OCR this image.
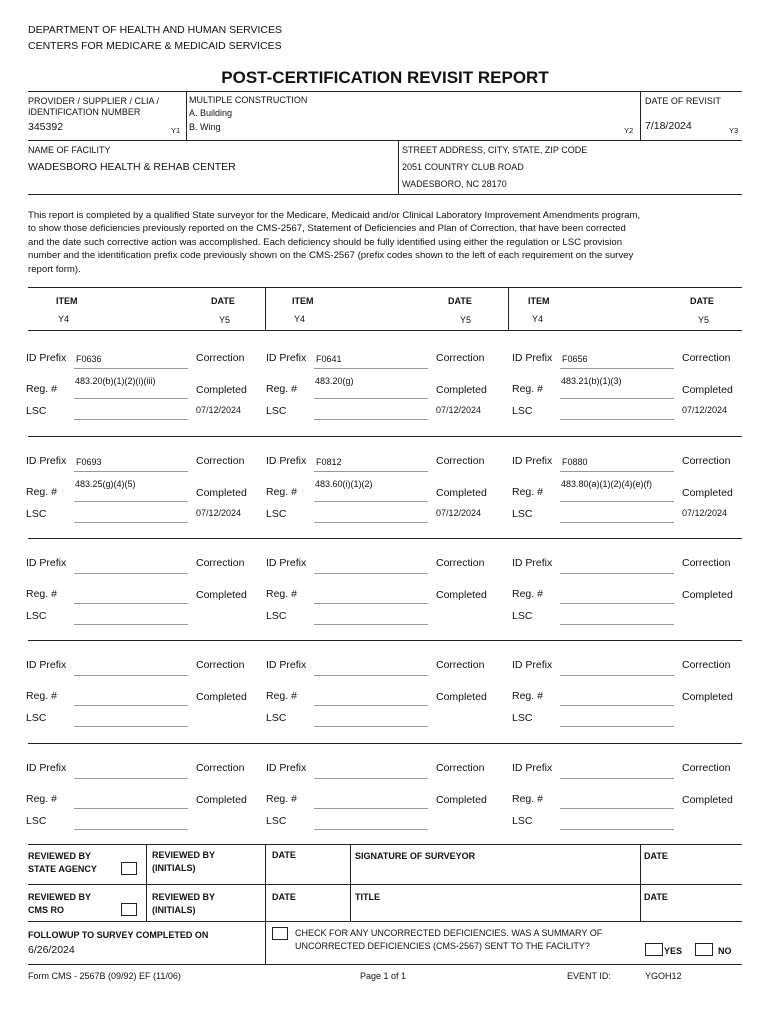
DEPARTMENT OF HEALTH AND HUMAN SERVICES
CENTERS FOR MEDICARE & MEDICAID SERVICES
POST-CERTIFICATION REVISIT REPORT
PROVIDER / SUPPLIER / CLIA /
IDENTIFICATION NUMBER
345392	Y1
MULTIPLE CONSTRUCTION
A. Building
B. Wing	Y2
DATE OF REVISIT
7/18/2024	Y3
NAME OF FACILITY
WADESBORO HEALTH & REHAB CENTER
STREET ADDRESS, CITY, STATE, ZIP CODE
2051 COUNTRY CLUB ROAD
WADESBORO, NC 28170
This report is completed by a qualified State surveyor for the Medicare, Medicaid and/or Clinical Laboratory Improvement Amendments program, to show those deficiencies previously reported on the CMS-2567, Statement of Deficiencies and Plan of Correction, that have been corrected and the date such corrective action was accomplished. Each deficiency should be fully identified using either the regulation or LSC provision number and the identification prefix code previously shown on the CMS-2567 (prefix codes shown to the left of each requirement on the survey report form).
ITEM	DATE
Y4	Y5
ITEM	DATE
Y4	Y5
ITEM	DATE
Y4	Y5
ID Prefix F0636	Correction
Reg. #
483.20(b)(1)(2)(i)(iii)
Completed
LSC	07/12/2024
ID Prefix F0641	Correction
Reg. #
483.20(g)
Completed
LSC	07/12/2024
ID Prefix F0656	Correction
Reg. #
483.21(b)(1)(3)
Completed
LSC	07/12/2024
ID Prefix F0693	Correction
Reg. #
483.25(g)(4)(5)
Completed
LSC	07/12/2024
ID Prefix F0812	Correction
Reg. #
483.60(i)(1)(2)
Completed
LSC	07/12/2024
ID Prefix F0880	Correction
Reg. #
483.80(a)(1)(2)(4)(e)(f)
Completed
LSC	07/12/2024
ID Prefix	Correction
Reg. #	Completed
LSC
ID Prefix	Correction
Reg. #	Completed
LSC
ID Prefix	Correction
Reg. #	Completed
LSC
ID Prefix	Correction
Reg. #	Completed
LSC
ID Prefix	Correction
Reg. #	Completed
LSC
ID Prefix	Correction
Reg. #	Completed
LSC
ID Prefix	Correction
Reg. #	Completed
LSC
ID Prefix	Correction
Reg. #	Completed
LSC
ID Prefix	Correction
Reg. #	Completed
LSC
REVIEWED BY
STATE AGENCY
REVIEWED BY
(INITIALS)
DATE	SIGNATURE OF SURVEYOR	DATE
REVIEWED BY
CMS RO
REVIEWED BY
(INITIALS)
DATE	TITLE	DATE
FOLLOWUP TO SURVEY COMPLETED ON
6/26/2024
CHECK FOR ANY UNCORRECTED DEFICIENCIES. WAS A SUMMARY OF
UNCORRECTED DEFICIENCIES (CMS-2567) SENT TO THE FACILITY?	YES	NO
Form CMS - 2567B (09/92) EF (11/06)	Page 1 of 1	EVENT ID:	YGOH12
